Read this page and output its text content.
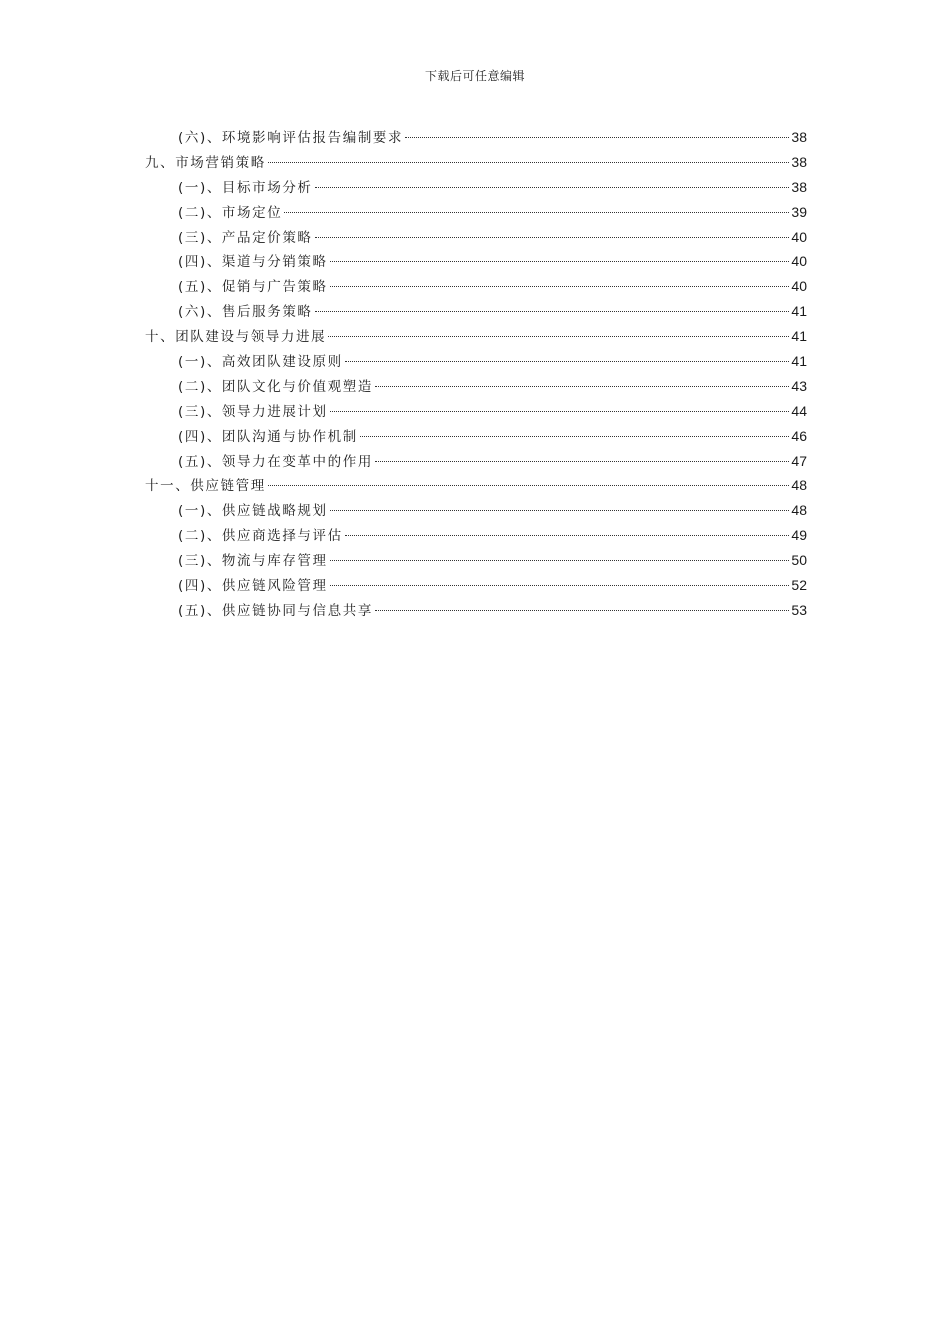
下载后可任意编辑
(六)、环境影响评估报告编制要求	38
九、市场营销策略	38
(一)、目标市场分析	38
(二)、市场定位	39
(三)、产品定价策略	40
(四)、渠道与分销策略	40
(五)、促销与广告策略	40
(六)、售后服务策略	41
十、团队建设与领导力进展	41
(一)、高效团队建设原则	41
(二)、团队文化与价值观塑造	43
(三)、领导力进展计划	44
(四)、团队沟通与协作机制	46
(五)、领导力在变革中的作用	47
十一、供应链管理	48
(一)、供应链战略规划	48
(二)、供应商选择与评估	49
(三)、物流与库存管理	50
(四)、供应链风险管理	52
(五)、供应链协同与信息共享	53
